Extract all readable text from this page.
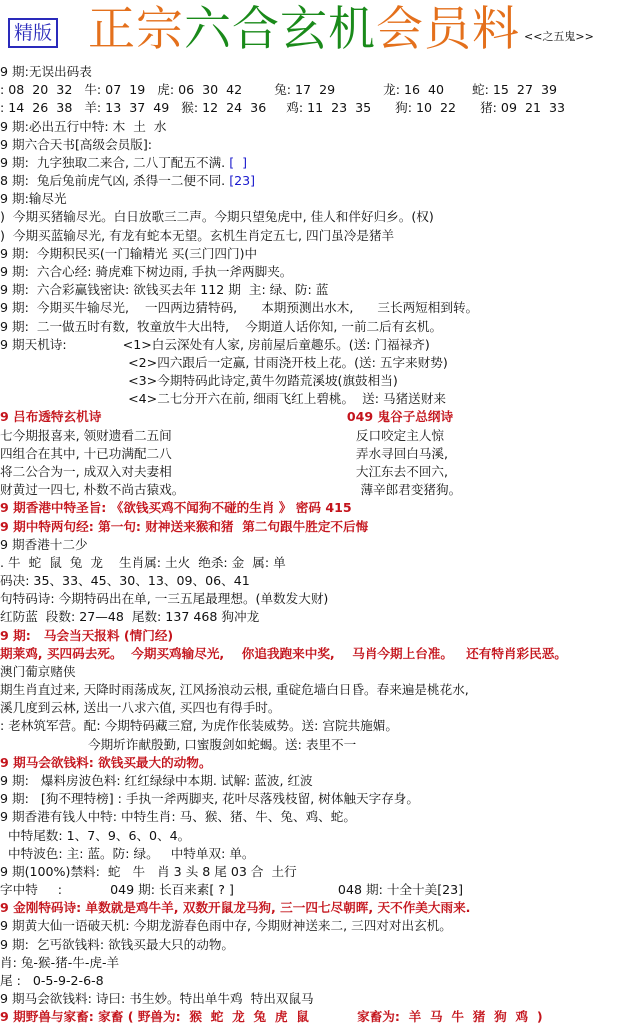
精版 正宗六合玄机会员料 <<之五鬼>>
9 期:无误出码表
: 08  20  32   牛: 07  19   虎: 06  30  42        兔: 17  29            龙: 16  40       蛇: 15  27  39
: 14  26  38   羊: 13  37  49   猴: 12  24  36     鸡: 11  23  35      狗: 10  22      猪: 09  21  33
9 期:必出五行中特: 木  土  水
9 期六合天书[高级会员版]:
9 期:  九字独取二来合, 二八丁配五不满. [  ]
8 期:  兔后兔前虎气凶, 杀得一二便不同. [23]
9 期:输尽光
)  今期买猪输尽光。白日放歌三二声。今期只望兔虎中, 佳人和伴好归乡。(权)
)  今期买蓝输尽光, 有龙有蛇本无望。玄机生肖定五七, 四门虽冷是猪羊
9 期:  今期积民买(一门输精光 买(三门四门)中
9 期:  六合心经: 骑虎难下树边雨, 手执一斧两脚夹。
9 期:  六合彩赢钱密诀: 欲钱买去年 112 期  主: 绿、防: 蓝
9 期:  今期买牛输尽光,    一四两边猜特码,      本期预测出水木,      三长两短相到转。
9 期:  二一做五时有数,  牧童放牛大出特,    今期道人话你知, 一前二后有玄机。
9 期天机诗:              <1>白云深处有人家, 房前屋后童趣乐。(送: 门福禄齐)
<2>四六跟后一定赢, 甘雨浇开枝上花。(送: 五字来财势)
<3>今期特码此诗定,黄牛勿踏荒溪坡(旗鼓相当)
<4>二七分开六在前, 细雨飞红上碧桃。  送: 马猪送财来
9 吕布透特玄机诗                                                        049 鬼谷子总纲诗
七今期报喜来, 领财遗看二五间                                              反口咬定主人惊
四组合在其中, 十已功满配二八                                              弄水寻回白马溪,
将二公合为一, 成双入对夫妻相                                              大江东去不回六,
财黄过一四七, 朴数不尚古猿戏。                                            薄辛郎君变猪狗。
9 期香港中特圣旨: 《欲钱买鸡不闻狗不碰的生肖 》 密码 415
9 期中特两句经: 第一句: 财神送来猴和猪  第二句跟牛胜定不后悔
9 期香港十二少
. 牛  蛇  鼠  兔  龙    生肖属: 土火  绝杀: 金  属: 单
码决: 35、33、45、30、13、09、06、41
句特码诗: 今期特码出在单, 一三五尾最理想。(单数发大财)
红防蓝  段数: 27—48  尾数: 137 468 狗冲龙
9 期:   马会当天报料 (情门经)
期莱鸡, 买四码去死。  今期买鸡输尽光,    你追我跑来中奖,    马肖今期上台准。   还有特肖彩民恶。
澳门葡京赌侠
期生肖直过来, 天降时雨荡成灰, 江风扬浪动云根, 重碇危墙白日昏。春来遍是桃花水,
溪几度到云林, 送出一八求六值, 买四也有得手时。
: 老林筑军营。配: 今期特码藏三窟, 为虎作伥装威势。送: 宫院共施媚。
今期圻诈献殷勤, 口蜜腹剑如蛇蝎。送: 表里不一
9 期马会欲钱料: 欲钱买最大的动物。
9 期:   爆料房波色料: 红红绿绿中本期. 试解: 蓝波, 红波
9 期:   [狗不理特榜] : 手执一斧两脚夹, 花叶尽落残枝留, 树体触天字存身。
9 期香港有钱人中特: 中特生肖: 马、猴、猪、牛、兔、鸡、蛇。
中特尾数: 1、7、9、6、0、4。
中特波色: 主: 蓝。防: 绿。   中特单双: 单。
9 期(100%)禁料:  蛇   牛   肖 3 头 8 尾 03 合  土行
字中特     :            049 期: 长百来素[ ? ]                          048 期: 十全十美[23]
9 金刚特码诗: 单数就是鸡牛羊, 双数开鼠龙马狗, 三一四七尽朝晖, 天不作美大雨来.
9 期黄大仙一语破天机: 今期龙游春色雨中存, 今期财神送来二, 三四对对出玄机。
9 期:  乞丐欲钱料: 欲钱买最大只的动物。
肖: 兔-猴-猪-牛-虎-羊
尾 :   0-5-9-2-6-8
9 期马会欲钱料: 诗曰: 书生妙。特出单牛鸡  特出双鼠马
9 期野兽与家畜: 家畜 ( 野兽为:  猴  蛇  龙  兔  虎  鼠           家畜为:  羊  马  牛  猪  狗  鸡  )
